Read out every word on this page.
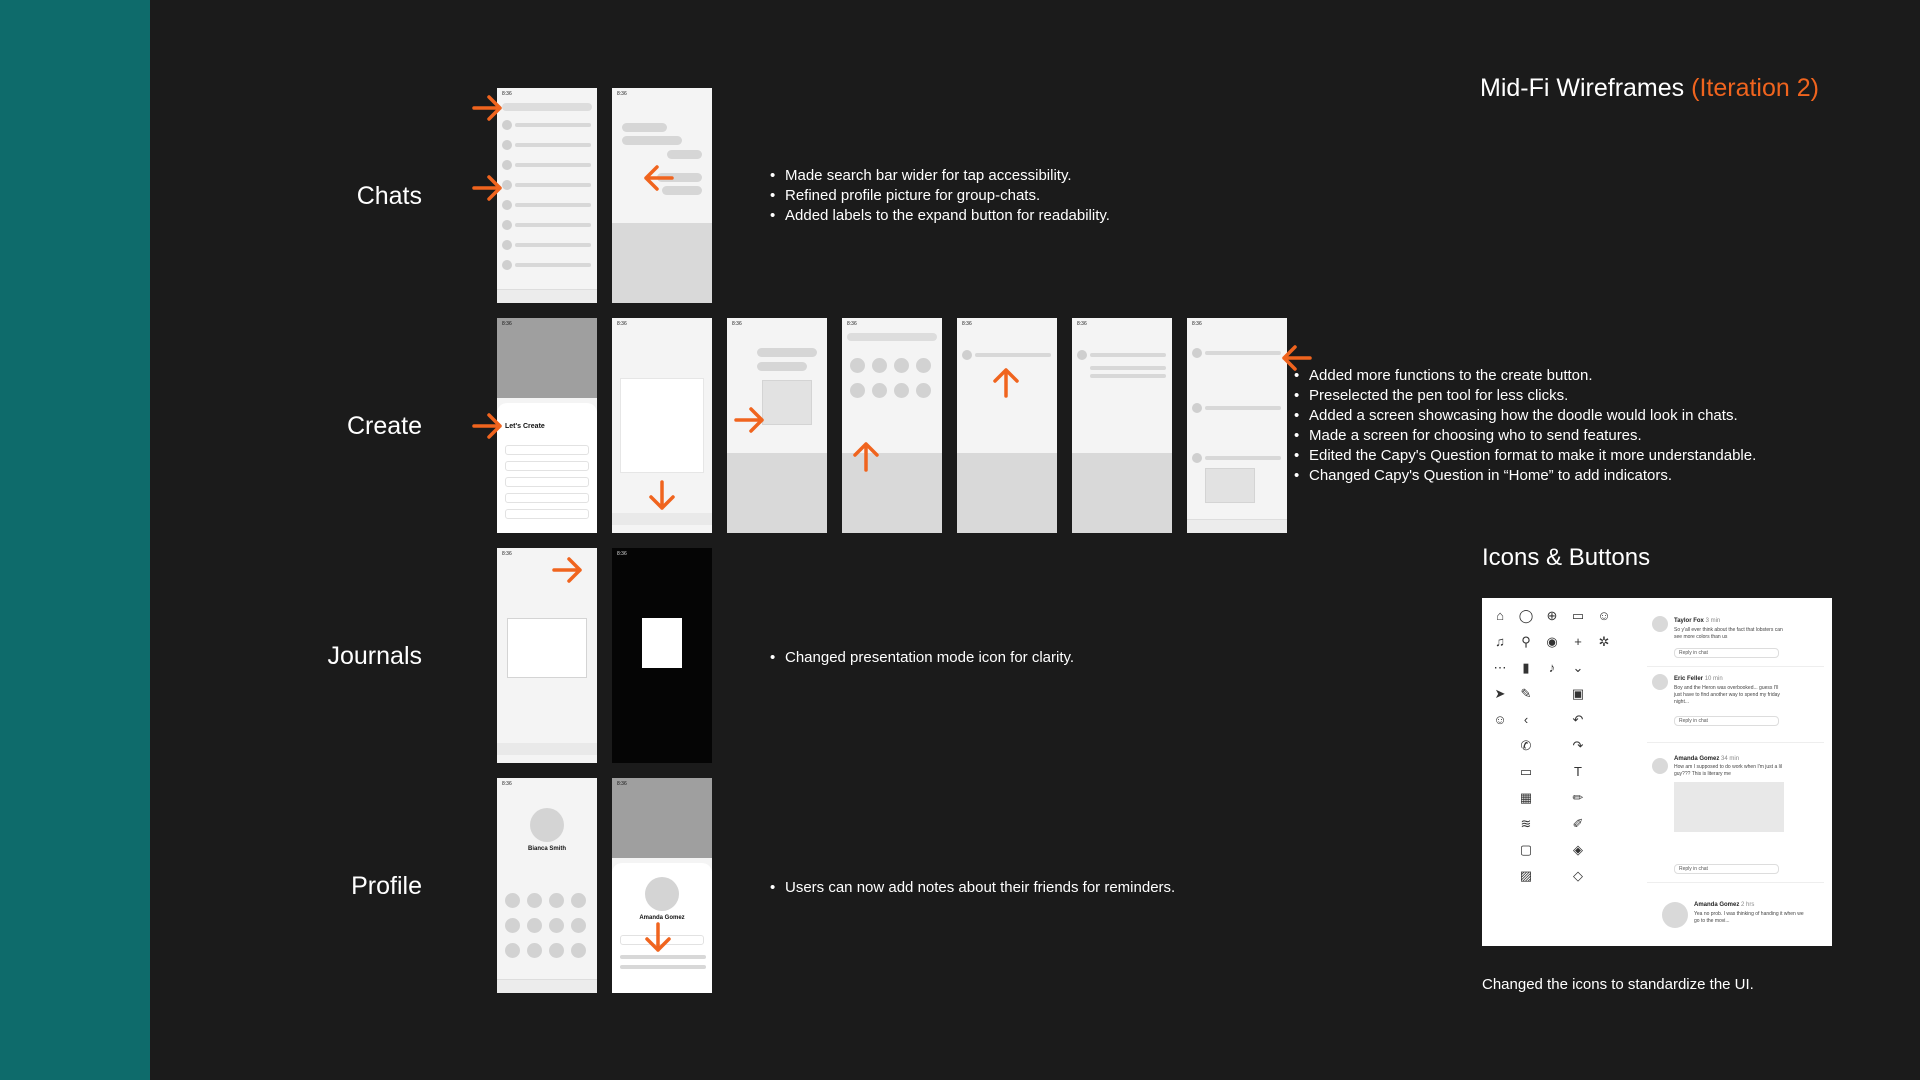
Mid-Fi Wireframes (Iteration 2)
Chats
8:36	8:36
• Made search bar wider for tap accessibility.
• Refined profile picture for group-chats.
• Added labels to the expand button for readability.
Create
8:36
Let's Create
8:36	8:36	8:36	8:36	8:36	8:36
• Added more functions to the create button.
• Preselected the pen tool for less clicks.
• Added a screen showcasing how the doodle would look in chats.
• Made a screen for choosing who to send features.
• Edited the Capy's Question format to make it more understandable.
• Changed Capy's Question in “Home” to add indicators.
Journals
8:36	8:36
• Changed presentation mode icon for clarity.
Profile
8:36
Bianca Smith
8:36
Amanda Gomez
• Users can now add notes about their friends for reminders.
Icons & Buttons
⌂	◯	⊕	▭ ☺
♫	⚲	◉	+	✲
⋯	▮	♪	⌄
➤	✎	▣
☺	‹	↶
✆	↷
▭	T
▦	✏
≋	✐
▢	◈
▨	◇
Taylor Fox 3 min
So y'all ever think about the fact that lobsters can see more colors than us
Reply in chat
Eric Feller 10 min
Boy and the Heron was overbooked... guess I'll just have to find another way to spend my friday night...
Reply in chat
Amanda Gomez 34 min
How am I supposed to do work when I'm just a lil guy??? This is literary me
Reply in chat
Amanda Gomez 2 hrs
Yea no prob. I was thinking of handing it when we go to the movi...
Changed the icons to standardize the UI.
